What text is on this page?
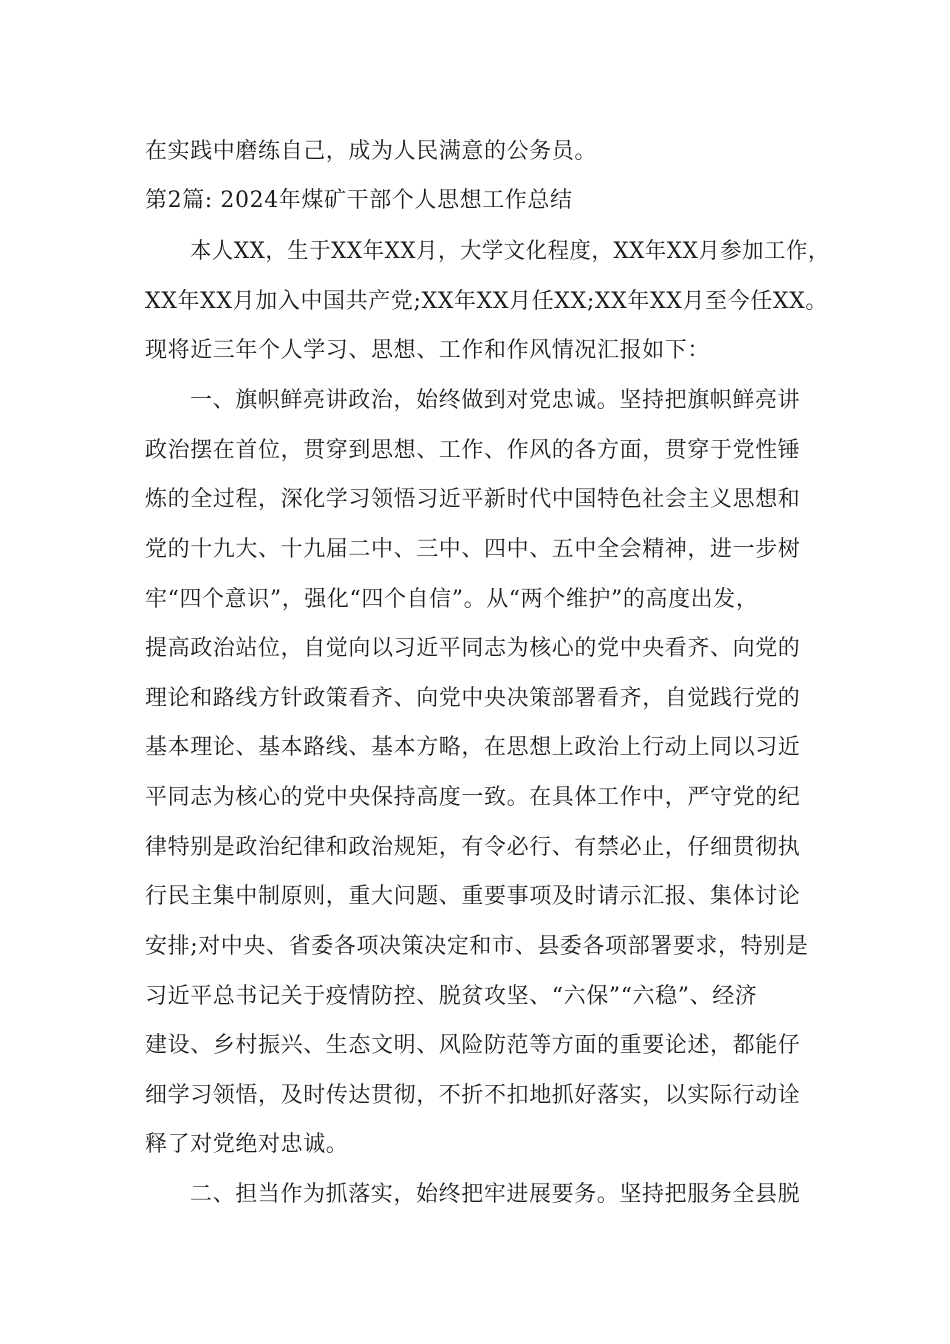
在实践中磨练自己，成为人民满意的公务员。
第2篇: 2024年煤矿干部个人思想工作总结
本人XX，生于XX年XX月，大学文化程度，XX年XX月参加工作，
XX年XX月加入中国共产党;XX年XX月任XX;XX年XX月至今任XX。
现将近三年个人学习、思想、工作和作风情况汇报如下：
一、旗帜鲜亮讲政治，始终做到对党忠诚。坚持把旗帜鲜亮讲
政治摆在首位，贯穿到思想、工作、作风的各方面，贯穿于党性锤
炼的全过程，深化学习领悟习近平新时代中国特色社会主义思想和
党的十九大、十九届二中、三中、四中、五中全会精神，进一步树
牢“四个意识”，强化“四个自信”。从“两个维护”的高度出发，
提高政治站位，自觉向以习近平同志为核心的党中央看齐、向党的
理论和路线方针政策看齐、向党中央决策部署看齐，自觉践行党的
基本理论、基本路线、基本方略，在思想上政治上行动上同以习近
平同志为核心的党中央保持高度一致。在具体工作中，严守党的纪
律特别是政治纪律和政治规矩，有令必行、有禁必止，仔细贯彻执
行民主集中制原则，重大问题、重要事项及时请示汇报、集体讨论
安排;对中央、省委各项决策决定和市、县委各项部署要求，特别是
习近平总书记关于疫情防控、脱贫攻坚、“六保”“六稳”、经济
建设、乡村振兴、生态文明、风险防范等方面的重要论述，都能仔
细学习领悟，及时传达贯彻，不折不扣地抓好落实，以实际行动诠
释了对党绝对忠诚。
二、担当作为抓落实，始终把牢进展要务。坚持把服务全县脱
